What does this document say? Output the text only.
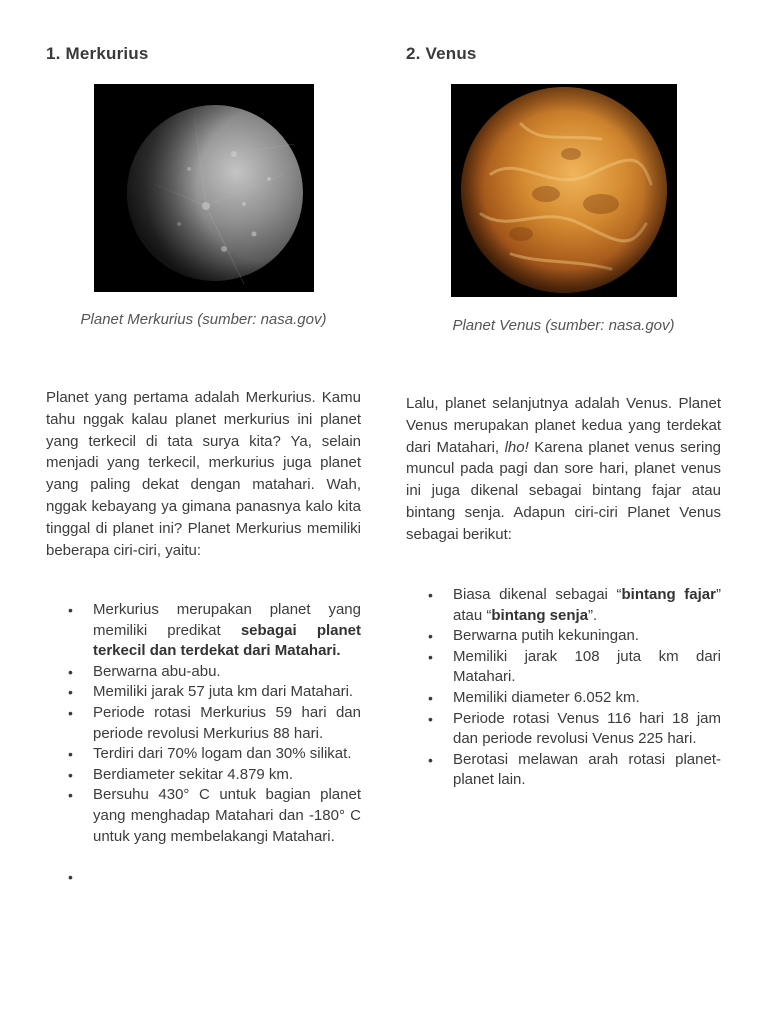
1. Merkurius

Planet Merkurius (sumber: nasa.gov)

Planet yang pertama adalah Merkurius. Kamu tahu nggak kalau planet merkurius ini planet yang terkecil di tata surya kita? Ya, selain menjadi yang terkecil, merkurius juga planet yang paling dekat dengan matahari. Wah, nggak kebayang ya gimana panasnya kalo kita tinggal di planet ini? Planet Merkurius memiliki beberapa ciri-ciri, yaitu:

• Merkurius merupakan planet yang memiliki predikat sebagai planet terkecil dan terdekat dari Matahari.
• Berwarna abu-abu.
• Memiliki jarak 57 juta km dari Matahari.
• Periode rotasi Merkurius 59 hari dan periode revolusi Merkurius 88 hari.
• Terdiri dari 70% logam dan 30% silikat.
• Berdiameter sekitar 4.879 km.
• Bersuhu 430° C untuk bagian planet yang menghadap Matahari dan -180° C untuk yang membelakangi Matahari.
•
2. Venus

Planet Venus (sumber: nasa.gov)

Lalu, planet selanjutnya adalah Venus. Planet Venus merupakan planet kedua yang terdekat dari Matahari, lho! Karena planet venus sering muncul pada pagi dan sore hari, planet venus ini juga dikenal sebagai bintang fajar atau bintang senja. Adapun ciri-ciri Planet Venus sebagai berikut:

• Biasa dikenal sebagai “bintang fajar” atau “bintang senja”.
• Berwarna putih kekuningan.
• Memiliki jarak 108 juta km dari Matahari.
• Memiliki diameter 6.052 km.
• Periode rotasi Venus 116 hari 18 jam dan periode revolusi Venus 225 hari.
• Berotasi melawan arah rotasi planet-planet lain.
